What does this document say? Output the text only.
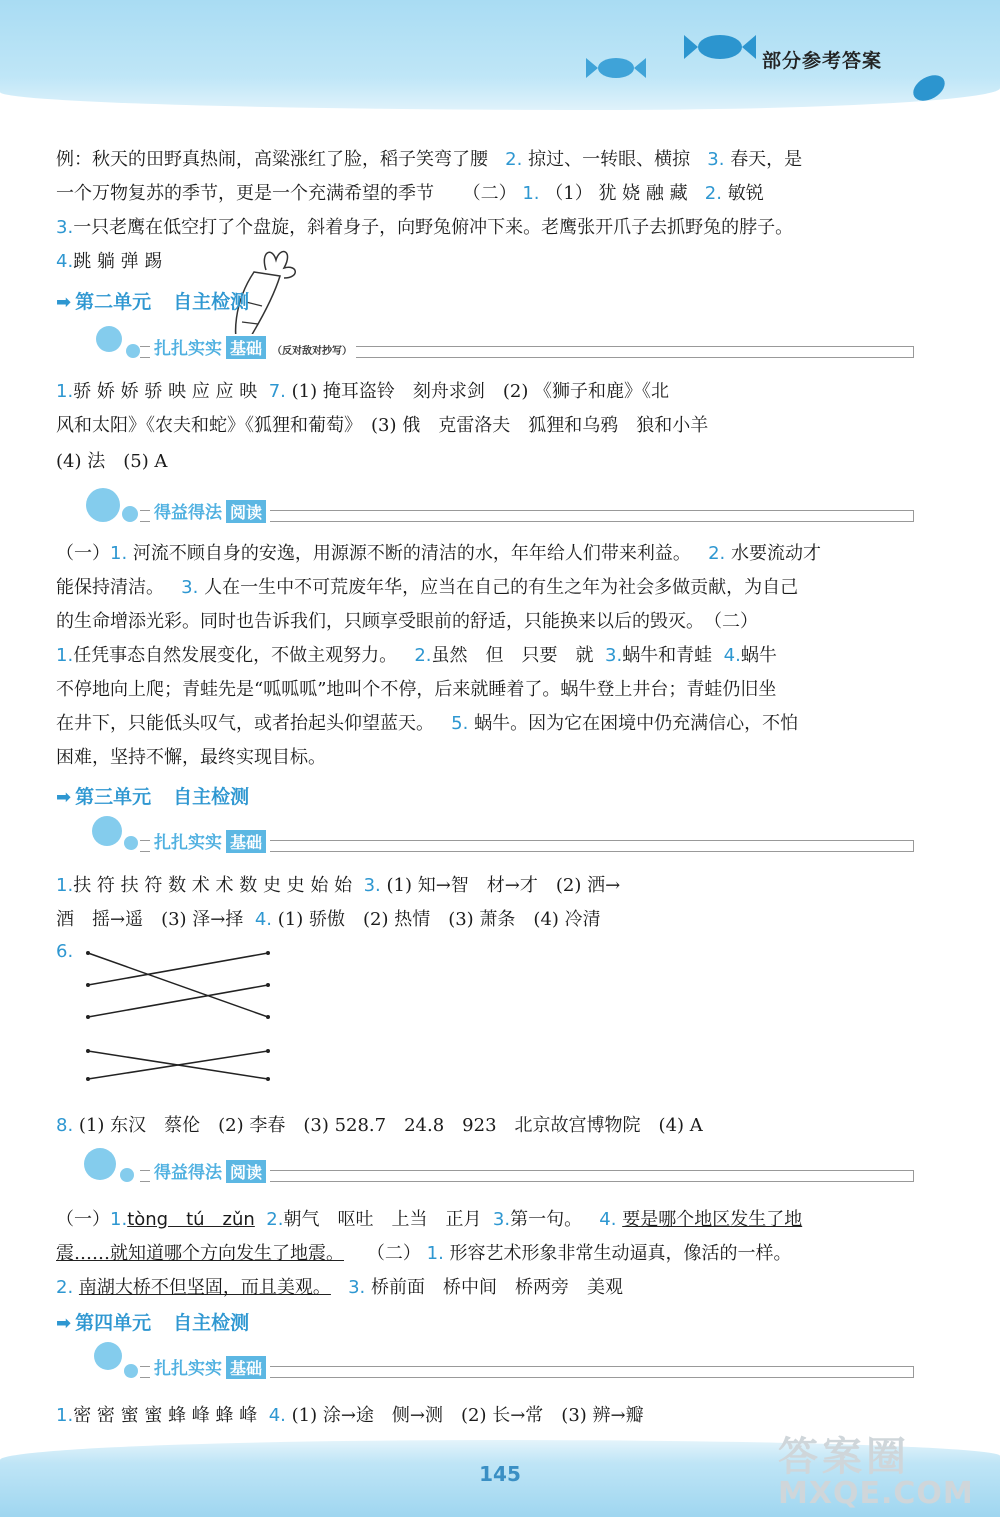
部分参考答案
例：秋天的田野真热闹，高粱涨红了脸，稻子笑弯了腰 2. 掠过、一转眼、横掠 3. 春天，是
一个万物复苏的季节，更是一个充满希望的季节 （二） 1. （1） 犹 娆 融 藏 2. 敏锐
3.一只老鹰在低空打了个盘旋，斜着身子，向野兔俯冲下来。老鹰张开爪子去抓野兔的脖子。
4.跳 躺 弹 踢
➡ 第二单元 自主检测
扎扎实实 基础 （反对敌对抄写）
1.骄 娇 娇 骄 映 应 应 映 7. (1) 掩耳盗铃　刻舟求剑　(2) 《狮子和鹿》《北
风和太阳》《农夫和蛇》《狐狸和葡萄》　(3) 俄　克雷洛夫　狐狸和乌鸦　狼和小羊
(4) 法　(5) A
得益得法 阅读
（一）1. 河流不顾自身的安逸，用源源不断的清洁的水，年年给人们带来利益。 2. 水要流动才
能保持清洁。 3. 人在一生中不可荒废年华，应当在自己的有生之年为社会多做贡献，为自己
的生命增添光彩。同时也告诉我们，只顾享受眼前的舒适，只能换来以后的毁灭。　（二）
1.任凭事态自然发展变化，不做主观努力。 2.虽然　但　只要　就 3.蜗牛和青蛙 4.蜗牛
不停地向上爬；青蛙先是“呱呱呱”地叫个不停，后来就睡着了。蜗牛登上井台；青蛙仍旧坐
在井下，只能低头叹气，或者抬起头仰望蓝天。 5. 蜗牛。因为它在困境中仍充满信心，不怕
困难，坚持不懈，最终实现目标。
➡ 第三单元 自主检测
扎扎实实 基础
1.扶 符 扶 符 数 术 术 数 史 史 始 始 3. (1) 知→智　材→才　(2) 洒→
酒　摇→遥　(3) 泽→择 4. (1) 骄傲　(2) 热情　(3) 萧条　(4) 冷清
6.
8. (1) 东汉　蔡伦　(2) 李春　(3) 528.7　24.8　923　北京故宫博物院　(4) A
得益得法 阅读
（一）1.tòng　tú　zǔn 2.朝气　呕吐　上当　正月 3.第一句。 4. 要是哪个地区发生了地
震……就知道哪个方向发生了地震。 （二） 1. 形容艺术形象非常生动逼真，像活的一样。
2. 南湖大桥不但坚固，而且美观。 3. 桥前面　桥中间　桥两旁　美观
➡ 第四单元 自主检测
扎扎实实 基础
1.密 密 蜜 蜜 蜂 峰 蜂 峰 4. (1) 涂→途　侧→测　(2) 长→常　(3) 辨→瓣
145	答案圈
MXQE.COM
